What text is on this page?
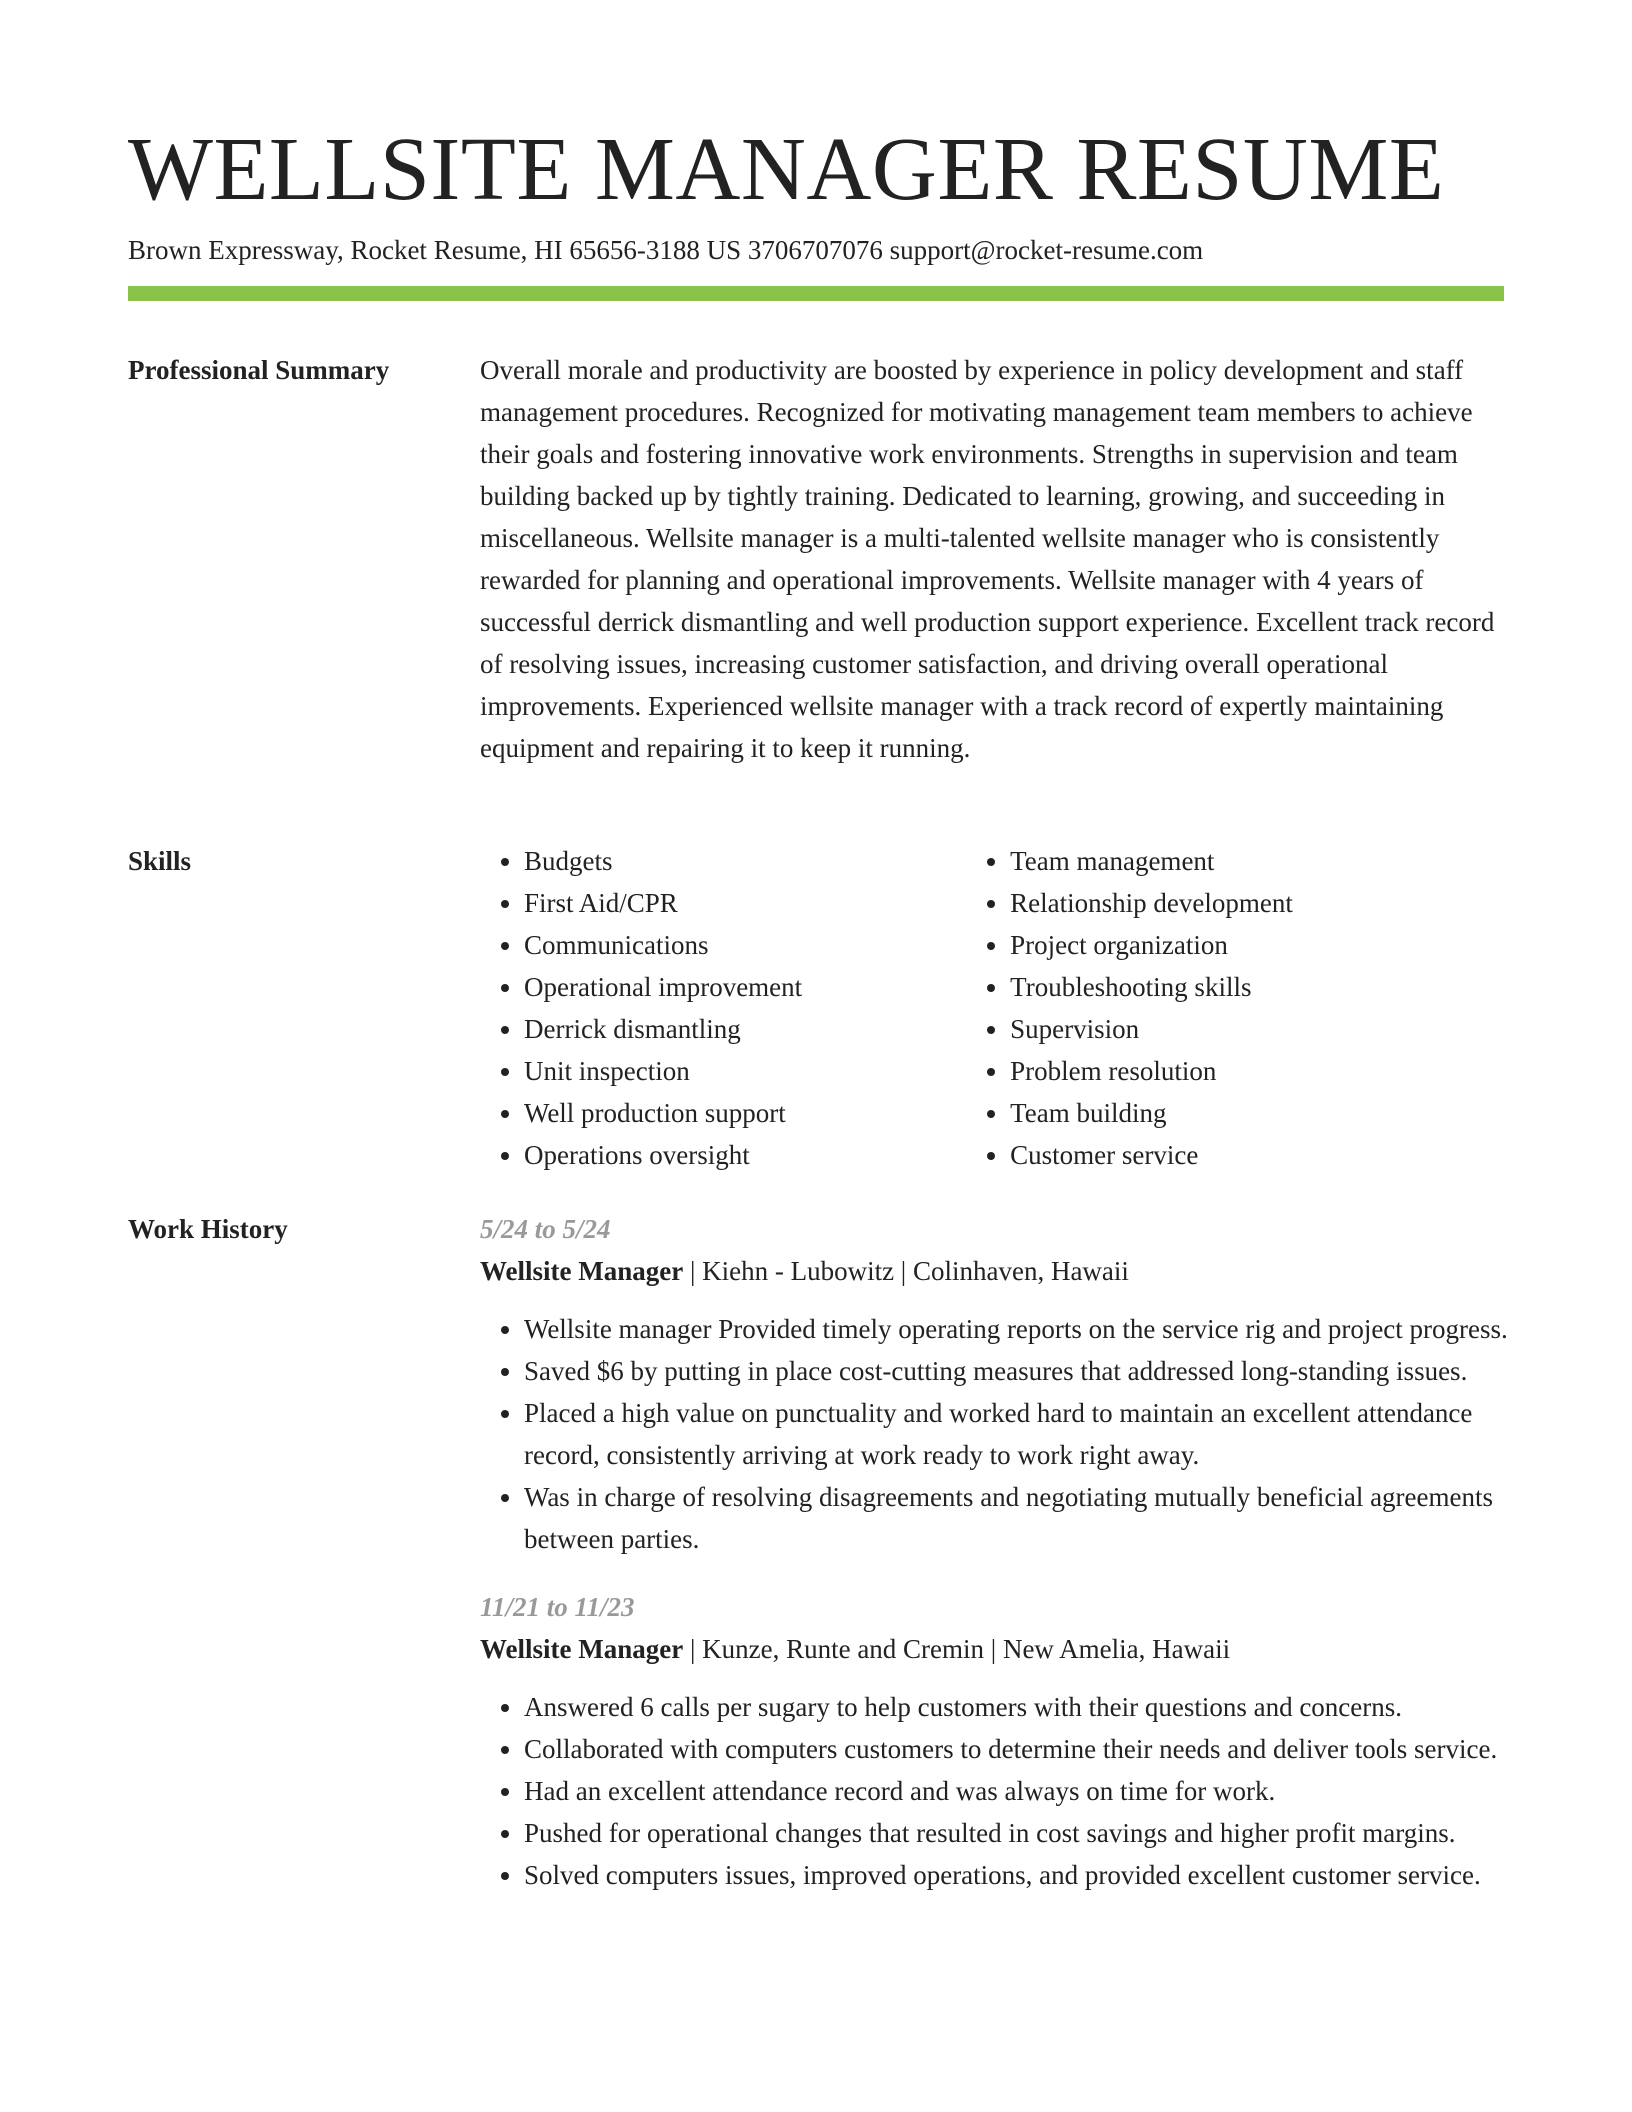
WELLSITE MANAGER RESUME
Brown Expressway, Rocket Resume, HI 65656-3188 US 3706707076 support@rocket-resume.com
Professional Summary	Overall morale and productivity are boosted by experience in policy development and staff management procedures. Recognized for motivating management team members to achieve their goals and fostering innovative work environments. Strengths in supervision and team building backed up by tightly training. Dedicated to learning, growing, and succeeding in miscellaneous. Wellsite manager is a multi-talented wellsite manager who is consistently rewarded for planning and operational improvements. Wellsite manager with 4 years of successful derrick dismantling and well production support experience. Excellent track record of resolving issues, increasing customer satisfaction, and driving overall operational improvements. Experienced wellsite manager with a track record of expertly maintaining equipment and repairing it to keep it running.

Skills
•	Budgets
• First Aid/CPR
• Communications
• Operational improvement
• Derrick dismantling
• Unit inspection
• Well production support
• Operations oversight
• Team management
• Relationship development
• Project organization
• Troubleshooting skills
• Supervision
• Problem resolution
• Team building
• Customer service
Work History	5/24 to 5/24
Wellsite Manager | Kiehn - Lubowitz | Colinhaven, Hawaii
• Wellsite manager Provided timely operating reports on the service rig and project progress.
• Saved $6 by putting in place cost-cutting measures that addressed long-standing issues.
• Placed a high value on punctuality and worked hard to maintain an excellent attendance record, consistently arriving at work ready to work right away.
• Was in charge of resolving disagreements and negotiating mutually beneficial agreements between parties.
11/21 to 11/23
Wellsite Manager | Kunze, Runte and Cremin | New Amelia, Hawaii
• Answered 6 calls per sugary to help customers with their questions and concerns.
• Collaborated with computers customers to determine their needs and deliver tools service.
• Had an excellent attendance record and was always on time for work.
• Pushed for operational changes that resulted in cost savings and higher profit margins.
• Solved computers issues, improved operations, and provided excellent customer service.
